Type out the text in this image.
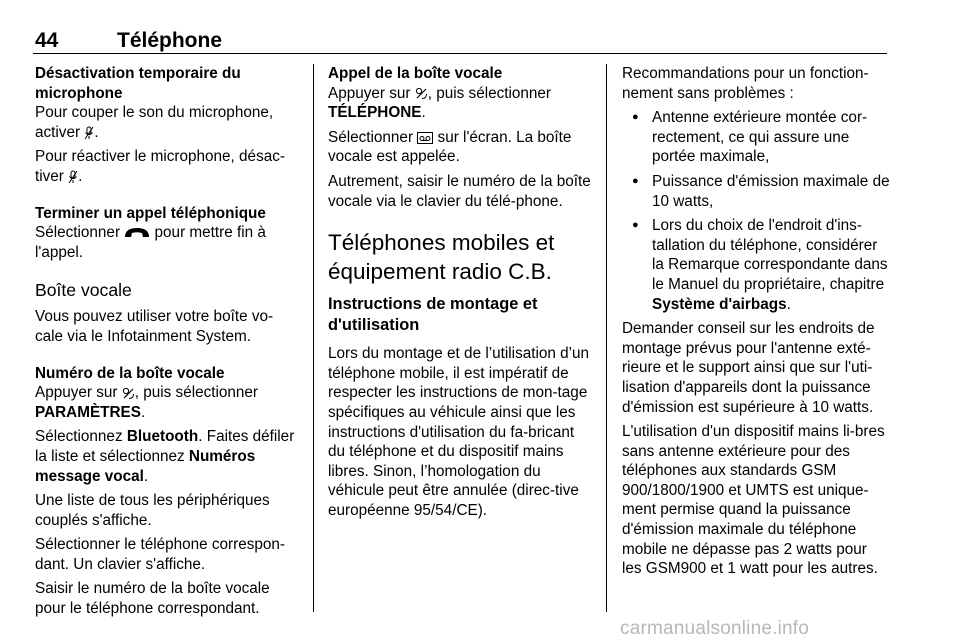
44	Téléphone
Désactivation temporaire du microphone

Pour couper le son du microphone, activer .

Pour réactiver le microphone, désac-tiver .

Terminer un appel téléphonique

Sélectionner pour mettre fin à l'appel.

Boîte vocale

Vous pouvez utiliser votre boîte vo-cale via le Infotainment System.

Numéro de la boîte vocale

Appuyer sur , puis sélectionner PARAMÈTRES.

Sélectionnez Bluetooth. Faites défiler la liste et sélectionnez Numéros message vocal.

Une liste de tous les périphériques couplés s'affiche.

Sélectionner le téléphone correspon-dant. Un clavier s'affiche.

Saisir le numéro de la boîte vocale pour le téléphone correspondant.

Appel de la boîte vocale

Appuyer sur , puis sélectionner TÉLÉPHONE.

Sélectionner sur l'écran. La boîte vocale est appelée.

Autrement, saisir le numéro de la boîte vocale via le clavier du télé-phone.

Téléphones mobiles et équipement radio C.B.
Instructions de montage et d'utilisation

Lors du montage et de l’utilisation d’un téléphone mobile, il est impératif de respecter les instructions de mon-tage spécifiques au véhicule ainsi que les instructions d'utilisation du fa-bricant du téléphone et du dispositif mains libres. Sinon, l’homologation du véhicule peut être annulée (direc-tive européenne 95/54/CE).

Recommandations pour un fonction-nement sans problèmes :

● Antenne extérieure montée cor-rectement, ce qui assure une portée maximale,
● Puissance d'émission maximale de 10 watts,
● Lors du choix de l'endroit d'ins-tallation du téléphone, considérer la Remarque correspondante dans le Manuel du propriétaire, chapitre Système d'airbags.

Demander conseil sur les endroits de montage prévus pour l'antenne exté-rieure et le support ainsi que sur l'uti-lisation d'appareils dont la puissance d'émission est supérieure à 10 watts.

L'utilisation d'un dispositif mains li-bres sans antenne extérieure pour des téléphones aux standards GSM 900/1800/1900 et UMTS est unique-ment permise quand la puissance d'émission maximale du téléphone mobile ne dépasse pas 2 watts pour les GSM900 et 1 watt pour les autres.

carmanualsonline.info
